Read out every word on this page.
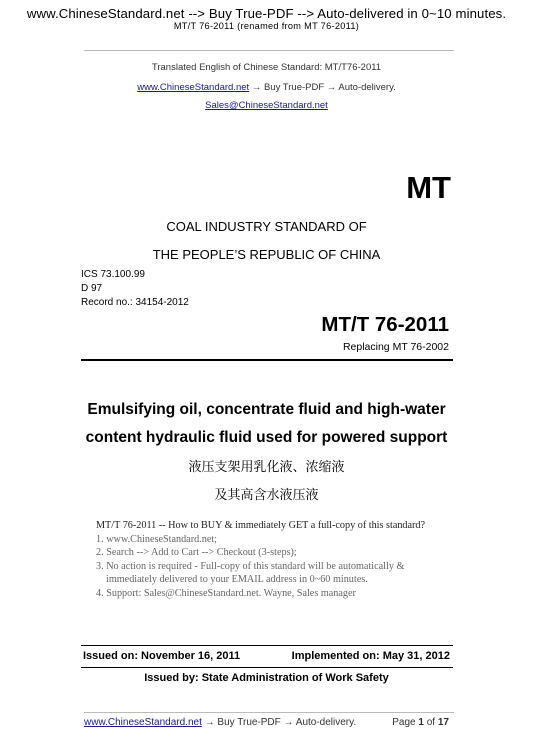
www.ChineseStandard.net --> Buy True-PDF --> Auto-delivered in 0~10 minutes.
MT/T 76-2011 (renamed from MT 76-2011)
Translated English of Chinese Standard: MT/T76-2011
www.ChineseStandard.net → Buy True-PDF → Auto-delivery.
Sales@ChineseStandard.net
MT
COAL INDUSTRY STANDARD OF
THE PEOPLE’S REPUBLIC OF CHINA
ICS 73.100.99
D 97
Record no.: 34154-2012
MT/T 76-2011
Replacing MT 76-2002
Emulsifying oil, concentrate fluid and high-water
content hydraulic fluid used for powered support
液压支架用乳化液、浓缩液
及其高含水液压液
MT/T 76-2011 -- How to BUY & immediately GET a full-copy of this standard?
1. www.ChineseStandard.net;
2. Search --> Add to Cart --> Checkout (3-steps);
3. No action is required - Full-copy of this standard will be automatically &
immediately delivered to your EMAIL address in 0~60 minutes.
4. Support: Sales@ChineseStandard.net. Wayne, Sales manager
Issued on: November 16, 2011	Implemented on: May 31, 2012
Issued by: State Administration of Work Safety
www.ChineseStandard.net → Buy True-PDF → Auto-delivery.	Page 1 of 17
